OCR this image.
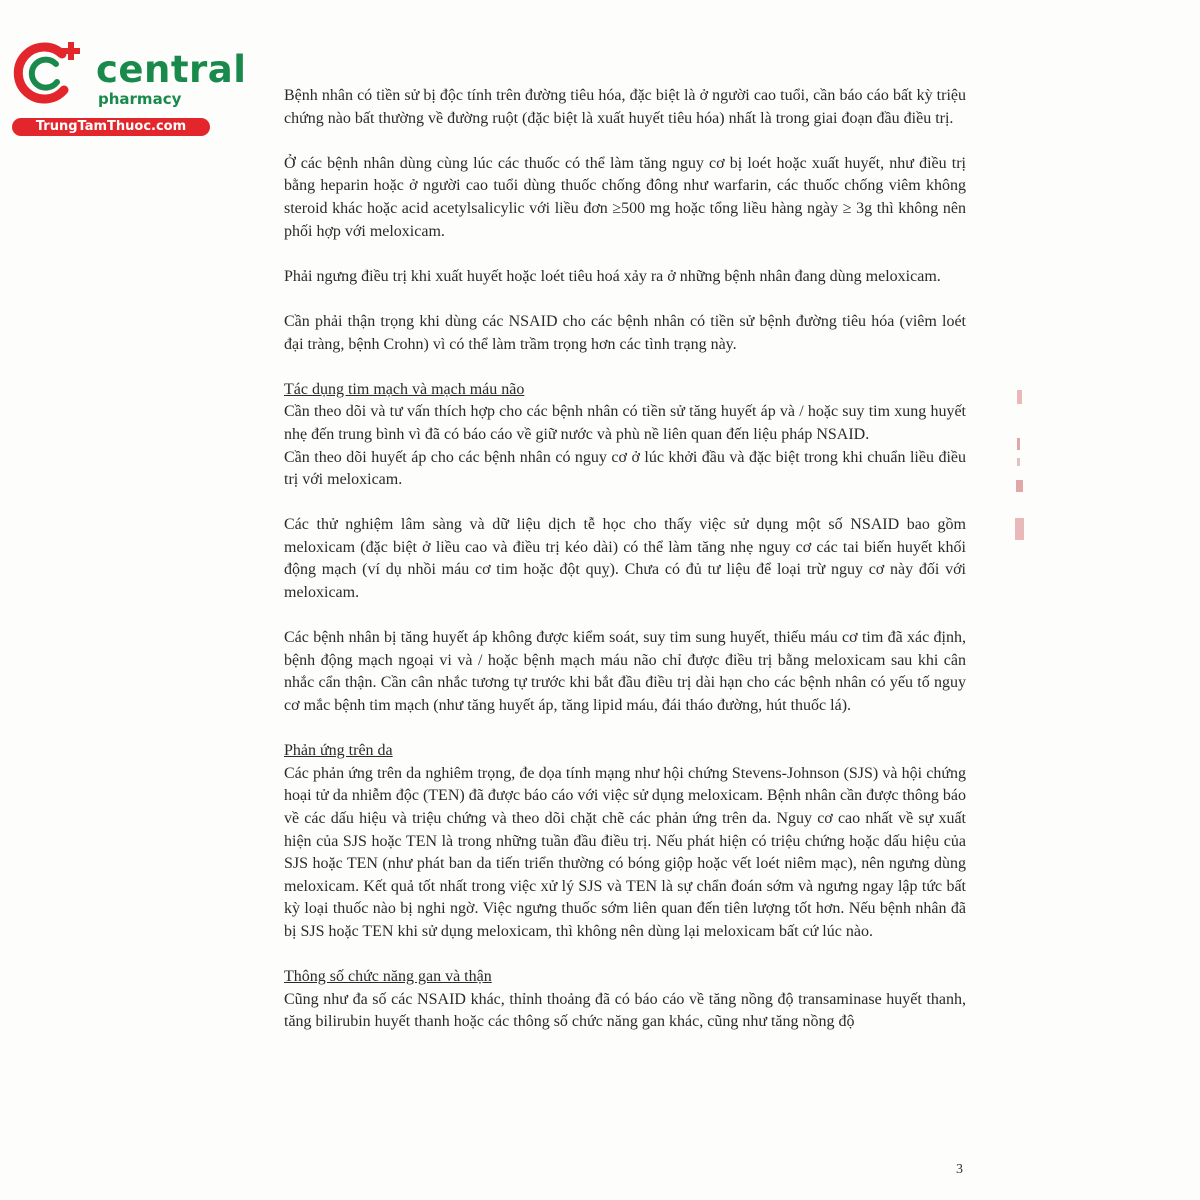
central
pharmacy
TrungTamThuoc.com

Bệnh nhân có tiền sử bị độc tính trên đường tiêu hóa, đặc biệt là ở người cao tuổi, cần báo cáo bất kỳ triệu chứng nào bất thường về đường ruột (đặc biệt là xuất huyết tiêu hóa) nhất là trong giai đoạn đầu điều trị.

Ở các bệnh nhân dùng cùng lúc các thuốc có thể làm tăng nguy cơ bị loét hoặc xuất huyết, như điều trị bằng heparin hoặc ở người cao tuổi dùng thuốc chống đông như warfarin, các thuốc chống viêm không steroid khác hoặc acid acetylsalicylic với liều đơn ≥500 mg hoặc tổng liều hàng ngày ≥ 3g thì không nên phối hợp với meloxicam.

Phải ngưng điều trị khi xuất huyết hoặc loét tiêu hoá xảy ra ở những bệnh nhân đang dùng meloxicam.

Cần phải thận trọng khi dùng các NSAID cho các bệnh nhân có tiền sử bệnh đường tiêu hóa (viêm loét đại tràng, bệnh Crohn) vì có thể làm trầm trọng hơn các tình trạng này.

Tác dụng tim mạch và mạch máu não

Cần theo dõi và tư vấn thích hợp cho các bệnh nhân có tiền sử tăng huyết áp và / hoặc suy tim xung huyết nhẹ đến trung bình vì đã có báo cáo về giữ nước và phù nề liên quan đến liệu pháp NSAID.

Cần theo dõi huyết áp cho các bệnh nhân có nguy cơ ở lúc khởi đầu và đặc biệt trong khi chuẩn liều điều trị với meloxicam.

Các thử nghiệm lâm sàng và dữ liệu dịch tễ học cho thấy việc sử dụng một số NSAID bao gồm meloxicam (đặc biệt ở liều cao và điều trị kéo dài) có thể làm tăng nhẹ nguy cơ các tai biến huyết khối động mạch (ví dụ nhồi máu cơ tim hoặc đột quỵ). Chưa có đủ tư liệu để loại trừ nguy cơ này đối với meloxicam.

Các bệnh nhân bị tăng huyết áp không được kiểm soát, suy tim sung huyết, thiếu máu cơ tim đã xác định, bệnh động mạch ngoại vi và / hoặc bệnh mạch máu não chỉ được điều trị bằng meloxicam sau khi cân nhắc cẩn thận. Cần cân nhắc tương tự trước khi bắt đầu điều trị dài hạn cho các bệnh nhân có yếu tố nguy cơ mắc bệnh tim mạch (như tăng huyết áp, tăng lipid máu, đái tháo đường, hút thuốc lá).

Phản ứng trên da

Các phản ứng trên da nghiêm trọng, đe dọa tính mạng như hội chứng Stevens-Johnson (SJS) và hội chứng hoại tử da nhiễm độc (TEN) đã được báo cáo với việc sử dụng meloxicam. Bệnh nhân cần được thông báo về các dấu hiệu và triệu chứng và theo dõi chặt chẽ các phản ứng trên da. Nguy cơ cao nhất về sự xuất hiện của SJS hoặc TEN là trong những tuần đầu điều trị. Nếu phát hiện có triệu chứng hoặc dấu hiệu của SJS hoặc TEN (như phát ban da tiến triển thường có bóng giộp hoặc vết loét niêm mạc), nên ngưng dùng meloxicam. Kết quả tốt nhất trong việc xử lý SJS và TEN là sự chẩn đoán sớm và ngưng ngay lập tức bất kỳ loại thuốc nào bị nghi ngờ. Việc ngưng thuốc sớm liên quan đến tiên lượng tốt hơn. Nếu bệnh nhân đã bị SJS hoặc TEN khi sử dụng meloxicam, thì không nên dùng lại meloxicam bất cứ lúc nào.

Thông số chức năng gan và thận

Cũng như đa số các NSAID khác, thỉnh thoảng đã có báo cáo về tăng nồng độ transaminase huyết thanh, tăng bilirubin huyết thanh hoặc các thông số chức năng gan khác, cũng như tăng nồng độ

3
